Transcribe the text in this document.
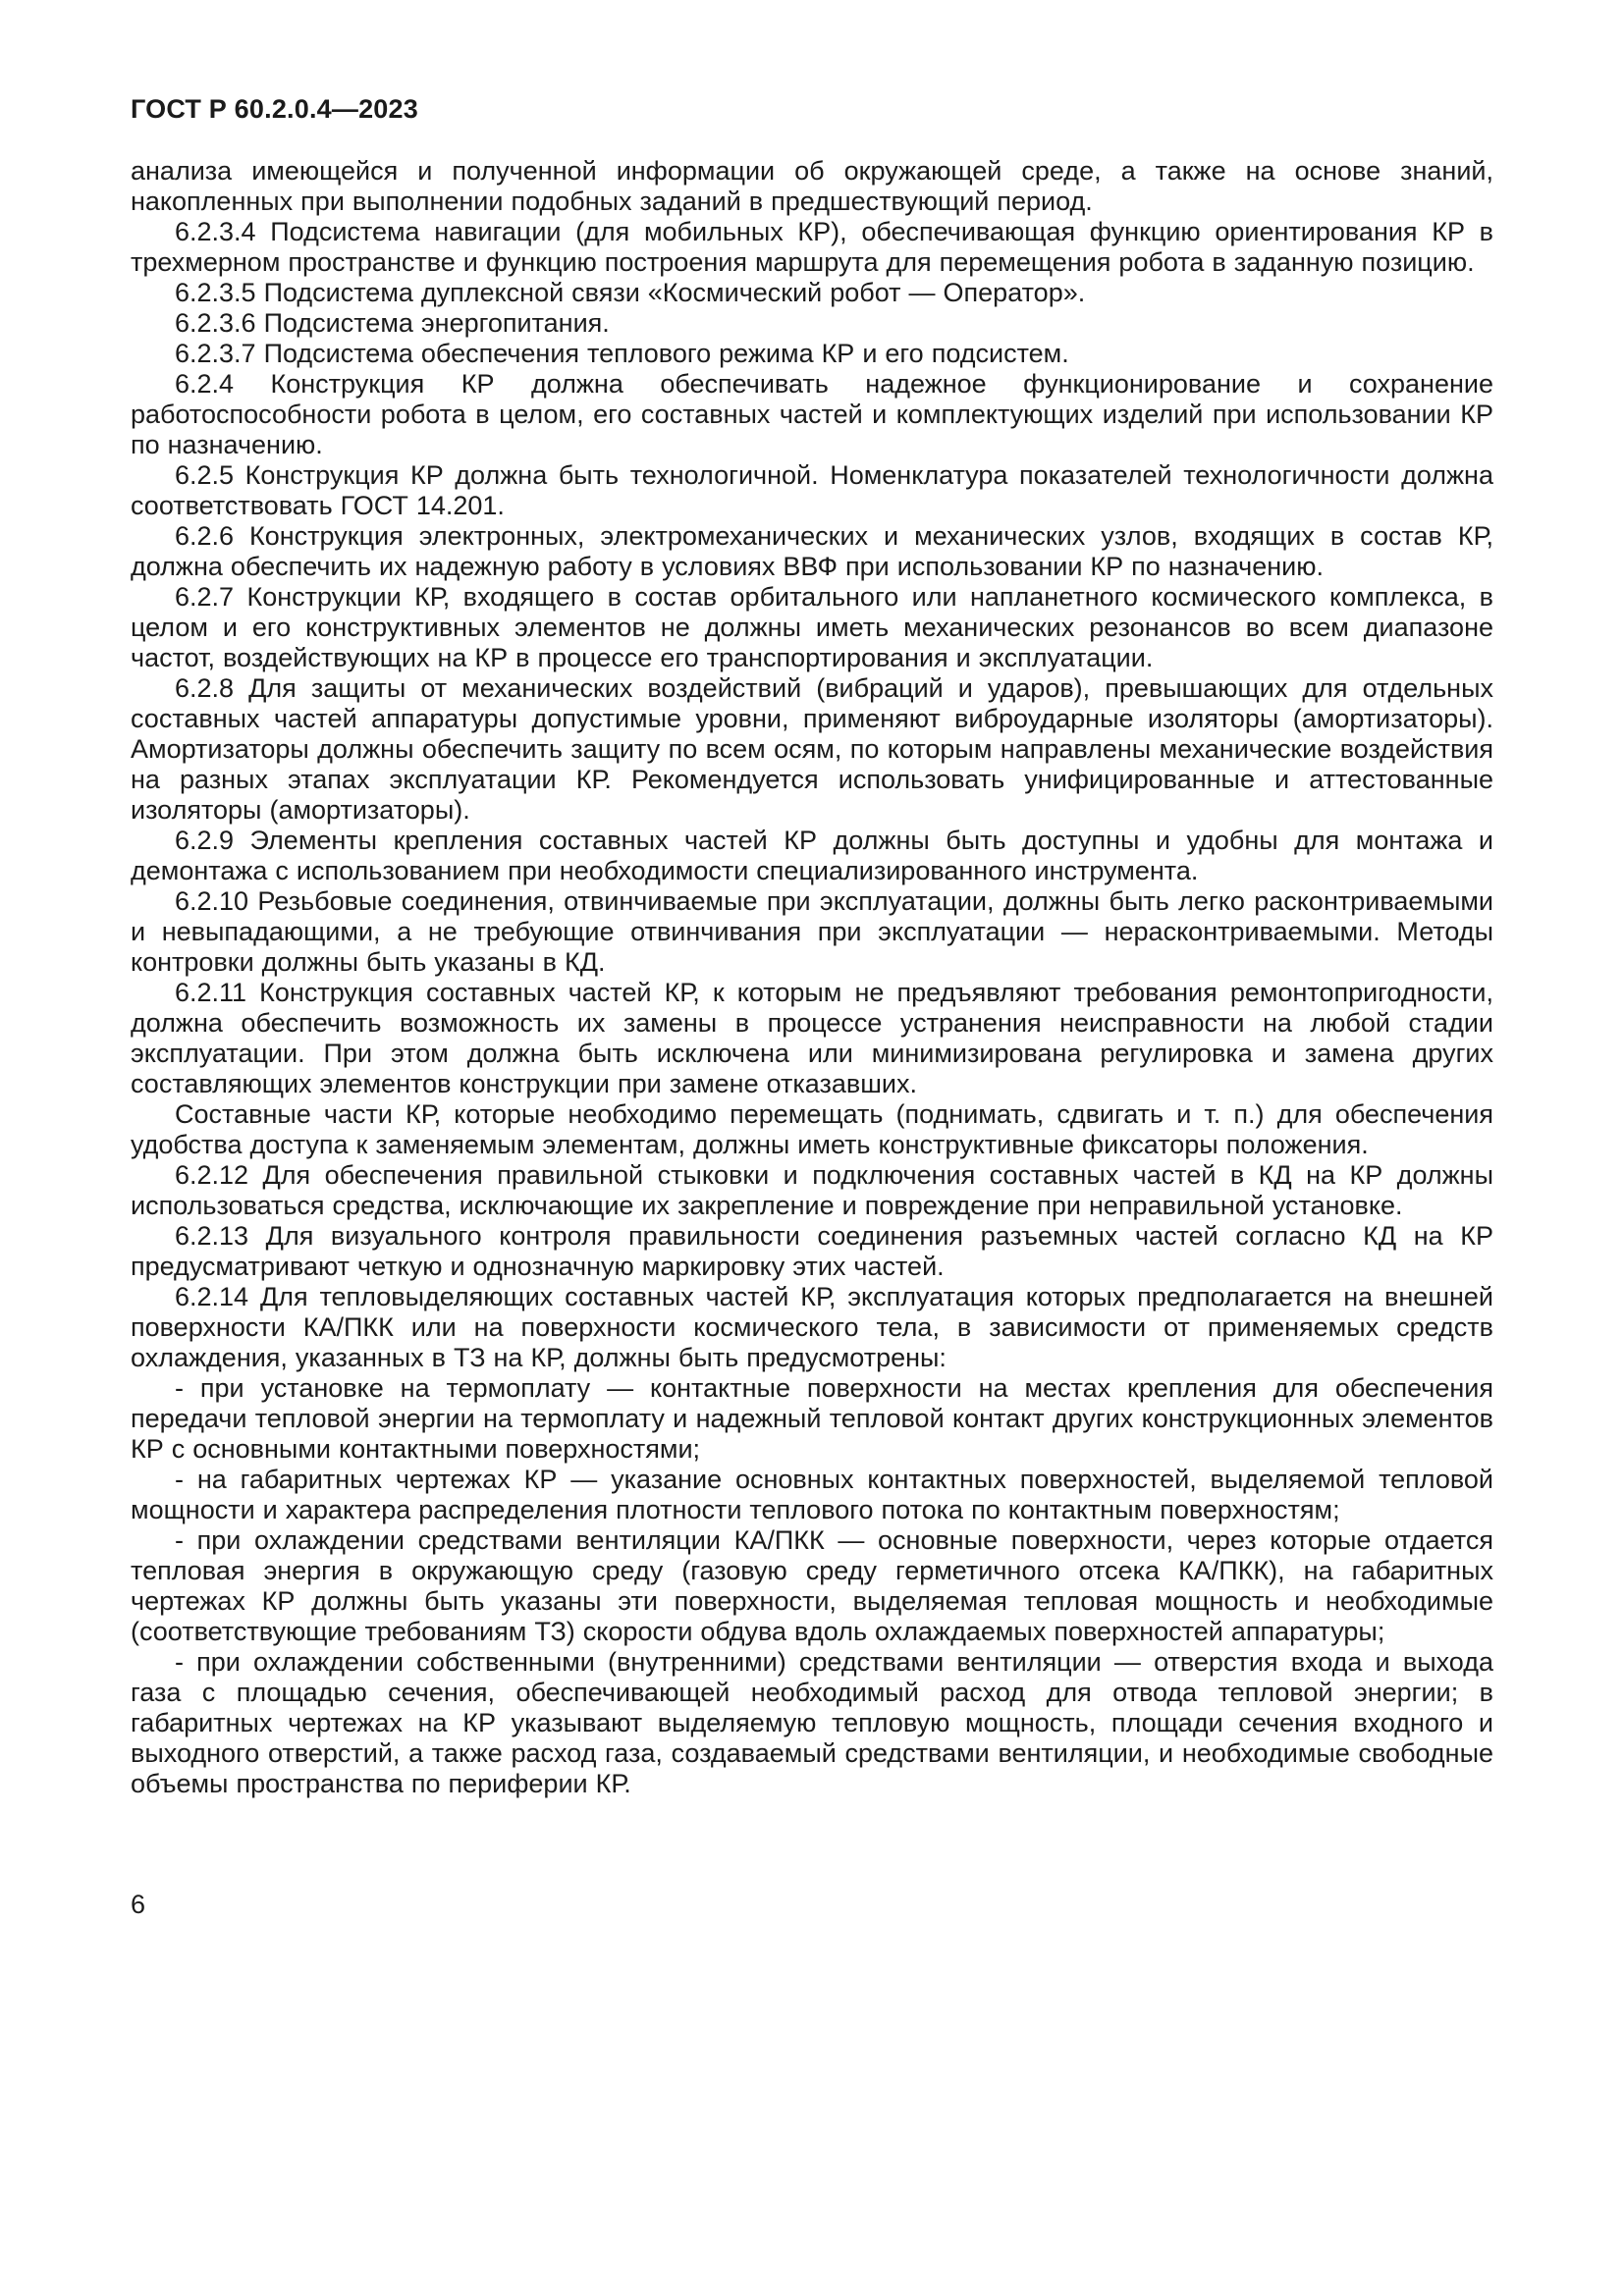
ГОСТ Р 60.2.0.4—2023

анализа имеющейся и полученной информации об окружающей среде, а также на основе знаний, накопленных при выполнении подобных заданий в предшествующий период.

6.2.3.4 Подсистема навигации (для мобильных КР), обеспечивающая функцию ориентирования КР в трехмерном пространстве и функцию построения маршрута для перемещения робота в заданную позицию.

6.2.3.5 Подсистема дуплексной связи «Космический робот — Оператор».

6.2.3.6 Подсистема энергопитания.

6.2.3.7 Подсистема обеспечения теплового режима КР и его подсистем.

6.2.4 Конструкция КР должна обеспечивать надежное функционирование и сохранение работоспособности робота в целом, его составных частей и комплектующих изделий при использовании КР по назначению.

6.2.5 Конструкция КР должна быть технологичной. Номенклатура показателей технологичности должна соответствовать ГОСТ 14.201.

6.2.6 Конструкция электронных, электромеханических и механических узлов, входящих в состав КР, должна обеспечить их надежную работу в условиях ВВФ при использовании КР по назначению.

6.2.7 Конструкции КР, входящего в состав орбитального или напланетного космического комплекса, в целом и его конструктивных элементов не должны иметь механических резонансов во всем диапазоне частот, воздействующих на КР в процессе его транспортирования и эксплуатации.

6.2.8 Для защиты от механических воздействий (вибраций и ударов), превышающих для отдельных составных частей аппаратуры допустимые уровни, применяют виброударные изоляторы (амортизаторы). Амортизаторы должны обеспечить защиту по всем осям, по которым направлены механические воздействия на разных этапах эксплуатации КР. Рекомендуется использовать унифицированные и аттестованные изоляторы (амортизаторы).

6.2.9 Элементы крепления составных частей КР должны быть доступны и удобны для монтажа и демонтажа с использованием при необходимости специализированного инструмента.

6.2.10 Резьбовые соединения, отвинчиваемые при эксплуатации, должны быть легко расконтриваемыми и невыпадающими, а не требующие отвинчивания при эксплуатации — нерасконтриваемыми. Методы контровки должны быть указаны в КД.

6.2.11 Конструкция составных частей КР, к которым не предъявляют требования ремонтопригодности, должна обеспечить возможность их замены в процессе устранения неисправности на любой стадии эксплуатации. При этом должна быть исключена или минимизирована регулировка и замена других составляющих элементов конструкции при замене отказавших.

Составные части КР, которые необходимо перемещать (поднимать, сдвигать и т. п.) для обеспечения удобства доступа к заменяемым элементам, должны иметь конструктивные фиксаторы положения.

6.2.12 Для обеспечения правильной стыковки и подключения составных частей в КД на КР должны использоваться средства, исключающие их закрепление и повреждение при неправильной установке.

6.2.13 Для визуального контроля правильности соединения разъемных частей согласно КД на КР предусматривают четкую и однозначную маркировку этих частей.

6.2.14 Для тепловыделяющих составных частей КР, эксплуатация которых предполагается на внешней поверхности КА/ПКК или на поверхности космического тела, в зависимости от применяемых средств охлаждения, указанных в ТЗ на КР, должны быть предусмотрены:

- при установке на термоплату — контактные поверхности на местах крепления для обеспечения передачи тепловой энергии на термоплату и надежный тепловой контакт других конструкционных элементов КР с основными контактными поверхностями;

- на габаритных чертежах КР — указание основных контактных поверхностей, выделяемой тепловой мощности и характера распределения плотности теплового потока по контактным поверхностям;

- при охлаждении средствами вентиляции КА/ПКК — основные поверхности, через которые отдается тепловая энергия в окружающую среду (газовую среду герметичного отсека КА/ПКК), на габаритных чертежах КР должны быть указаны эти поверхности, выделяемая тепловая мощность и необходимые (соответствующие требованиям ТЗ) скорости обдува вдоль охлаждаемых поверхностей аппаратуры;

- при охлаждении собственными (внутренними) средствами вентиляции — отверстия входа и выхода газа с площадью сечения, обеспечивающей необходимый расход для отвода тепловой энергии; в габаритных чертежах на КР указывают выделяемую тепловую мощность, площади сечения входного и выходного отверстий, а также расход газа, создаваемый средствами вентиляции, и необходимые свободные объемы пространства по периферии КР.

6
